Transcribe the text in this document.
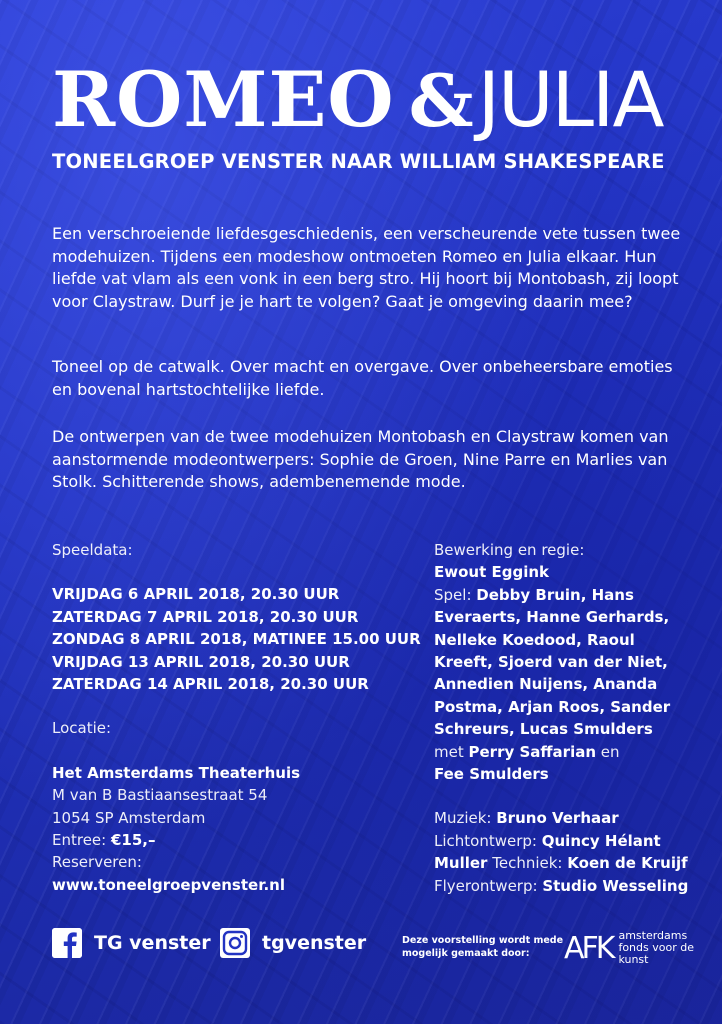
ROMEO &JULIA
TONEELGROEP VENSTER NAAR WILLIAM SHAKESPEARE

Een verschroeiende liefdesgeschiedenis, een verscheurende vete tussen twee modehuizen. Tijdens een modeshow ontmoeten Romeo en Julia elkaar. Hun liefde vat vlam als een vonk in een berg stro. Hij hoort bij Montobash, zij loopt voor Claystraw. Durf je je hart te volgen? Gaat je omgeving daarin mee?

Toneel op de catwalk. Over macht en overgave. Over onbeheersbare emoties en bovenal hartstochtelijke liefde.

De ontwerpen van de twee modehuizen Montobash en Claystraw komen van aanstormende modeontwerpers: Sophie de Groen, Nine Parre en Marlies van Stolk. Schitterende shows, adembenemende mode.

Speeldata:
VRIJDAG 6 APRIL 2018, 20.30 UUR
ZATERDAG 7 APRIL 2018, 20.30 UUR
ZONDAG 8 APRIL 2018, MATINEE 15.00 UUR
VRIJDAG 13 APRIL 2018, 20.30 UUR
ZATERDAG 14 APRIL 2018, 20.30 UUR
Locatie:
Het Amsterdams Theaterhuis
M van B Bastiaansestraat 54
1054 SP Amsterdam
Entree: €15,–
Reserveren:
www.toneelgroepvenster.nl
Bewerking en regie:
Ewout Eggink
Spel: Debby Bruin, Hans
Everaerts, Hanne Gerhards,
Nelleke Koedood, Raoul
Kreeft, Sjoerd van der Niet,
Annedien Nuijens, Ananda
Postma, Arjan Roos, Sander
Schreurs, Lucas Smulders
met Perry Saffarian en
Fee Smulders
Muziek: Bruno Verhaar
Lichtontwerp: Quincy Hélant
Muller Techniek: Koen de Kruijf
Flyerontwerp: Studio Wesseling
TG venster	tgvenster	Deze voorstelling wordt mede mogelijk gemaakt door:	AFK amsterdams fonds voor de kunst
